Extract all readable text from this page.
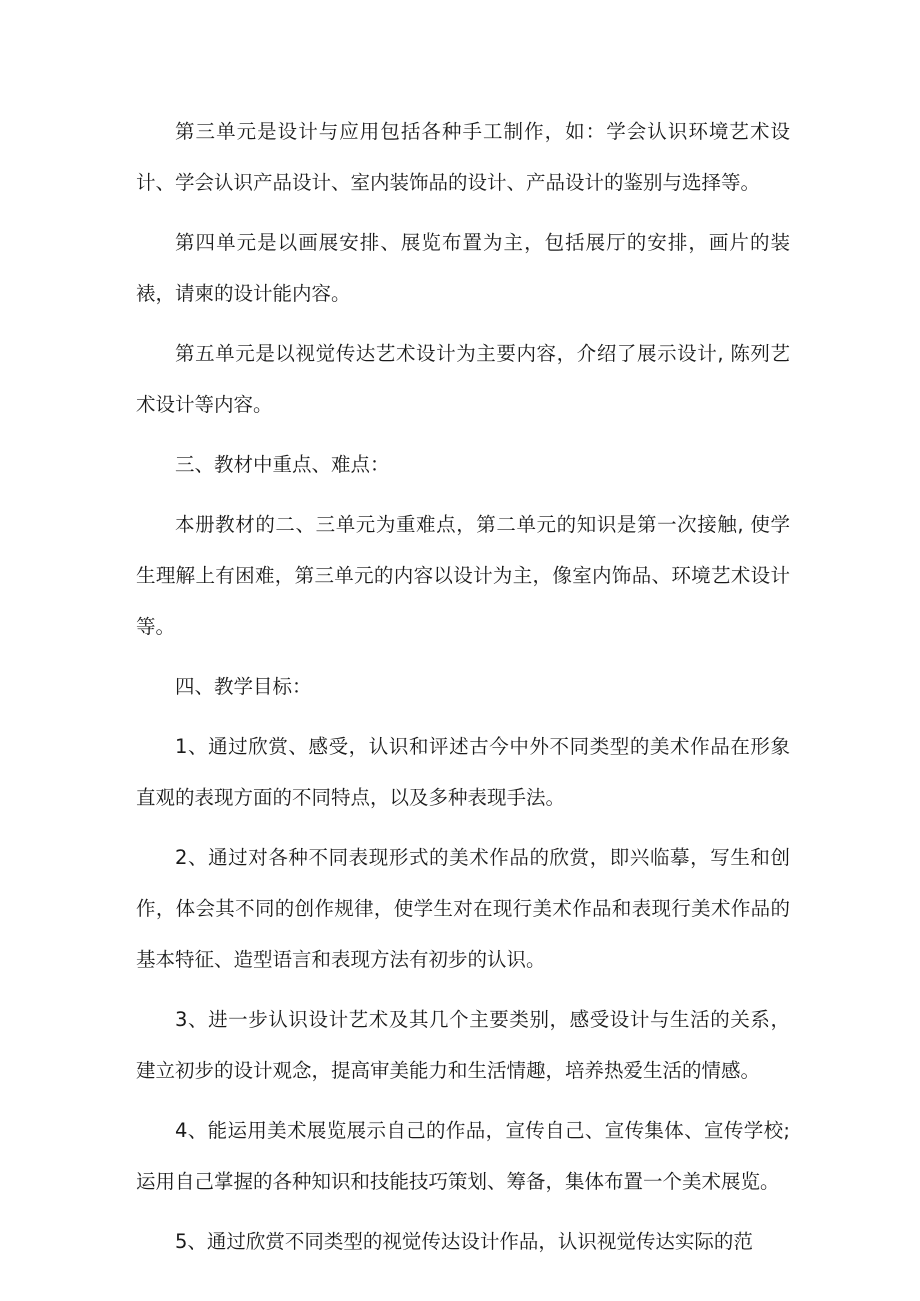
第三单元是设计与应用包括各种手工制作，如：学会认识环境艺术设计、学会认识产品设计、室内装饰品的设计、产品设计的鉴别与选择等。

第四单元是以画展安排、展览布置为主，包括展厅的安排，画片的装裱，请柬的设计能内容。

第五单元是以视觉传达艺术设计为主要内容，介绍了展示设计, 陈列艺术设计等内容。

三、教材中重点、难点：

本册教材的二、三单元为重难点，第二单元的知识是第一次接触, 使学生理解上有困难，第三单元的内容以设计为主，像室内饰品、环境艺术设计等。

四、教学目标：

1、通过欣赏、感受，认识和评述古今中外不同类型的美术作品在形象直观的表现方面的不同特点，以及多种表现手法。

2、通过对各种不同表现形式的美术作品的欣赏，即兴临摹，写生和创作，体会其不同的创作规律，使学生对在现行美术作品和表现行美术作品的基本特征、造型语言和表现方法有初步的认识。

3、进一步认识设计艺术及其几个主要类别，感受设计与生活的关系，建立初步的设计观念，提高审美能力和生活情趣，培养热爱生活的情感。

4、能运用美术展览展示自己的作品，宣传自己、宣传集体、宣传学校;运用自己掌握的各种知识和技能技巧策划、筹备，集体布置一个美术展览。

5、通过欣赏不同类型的视觉传达设计作品，认识视觉传达实际的范
